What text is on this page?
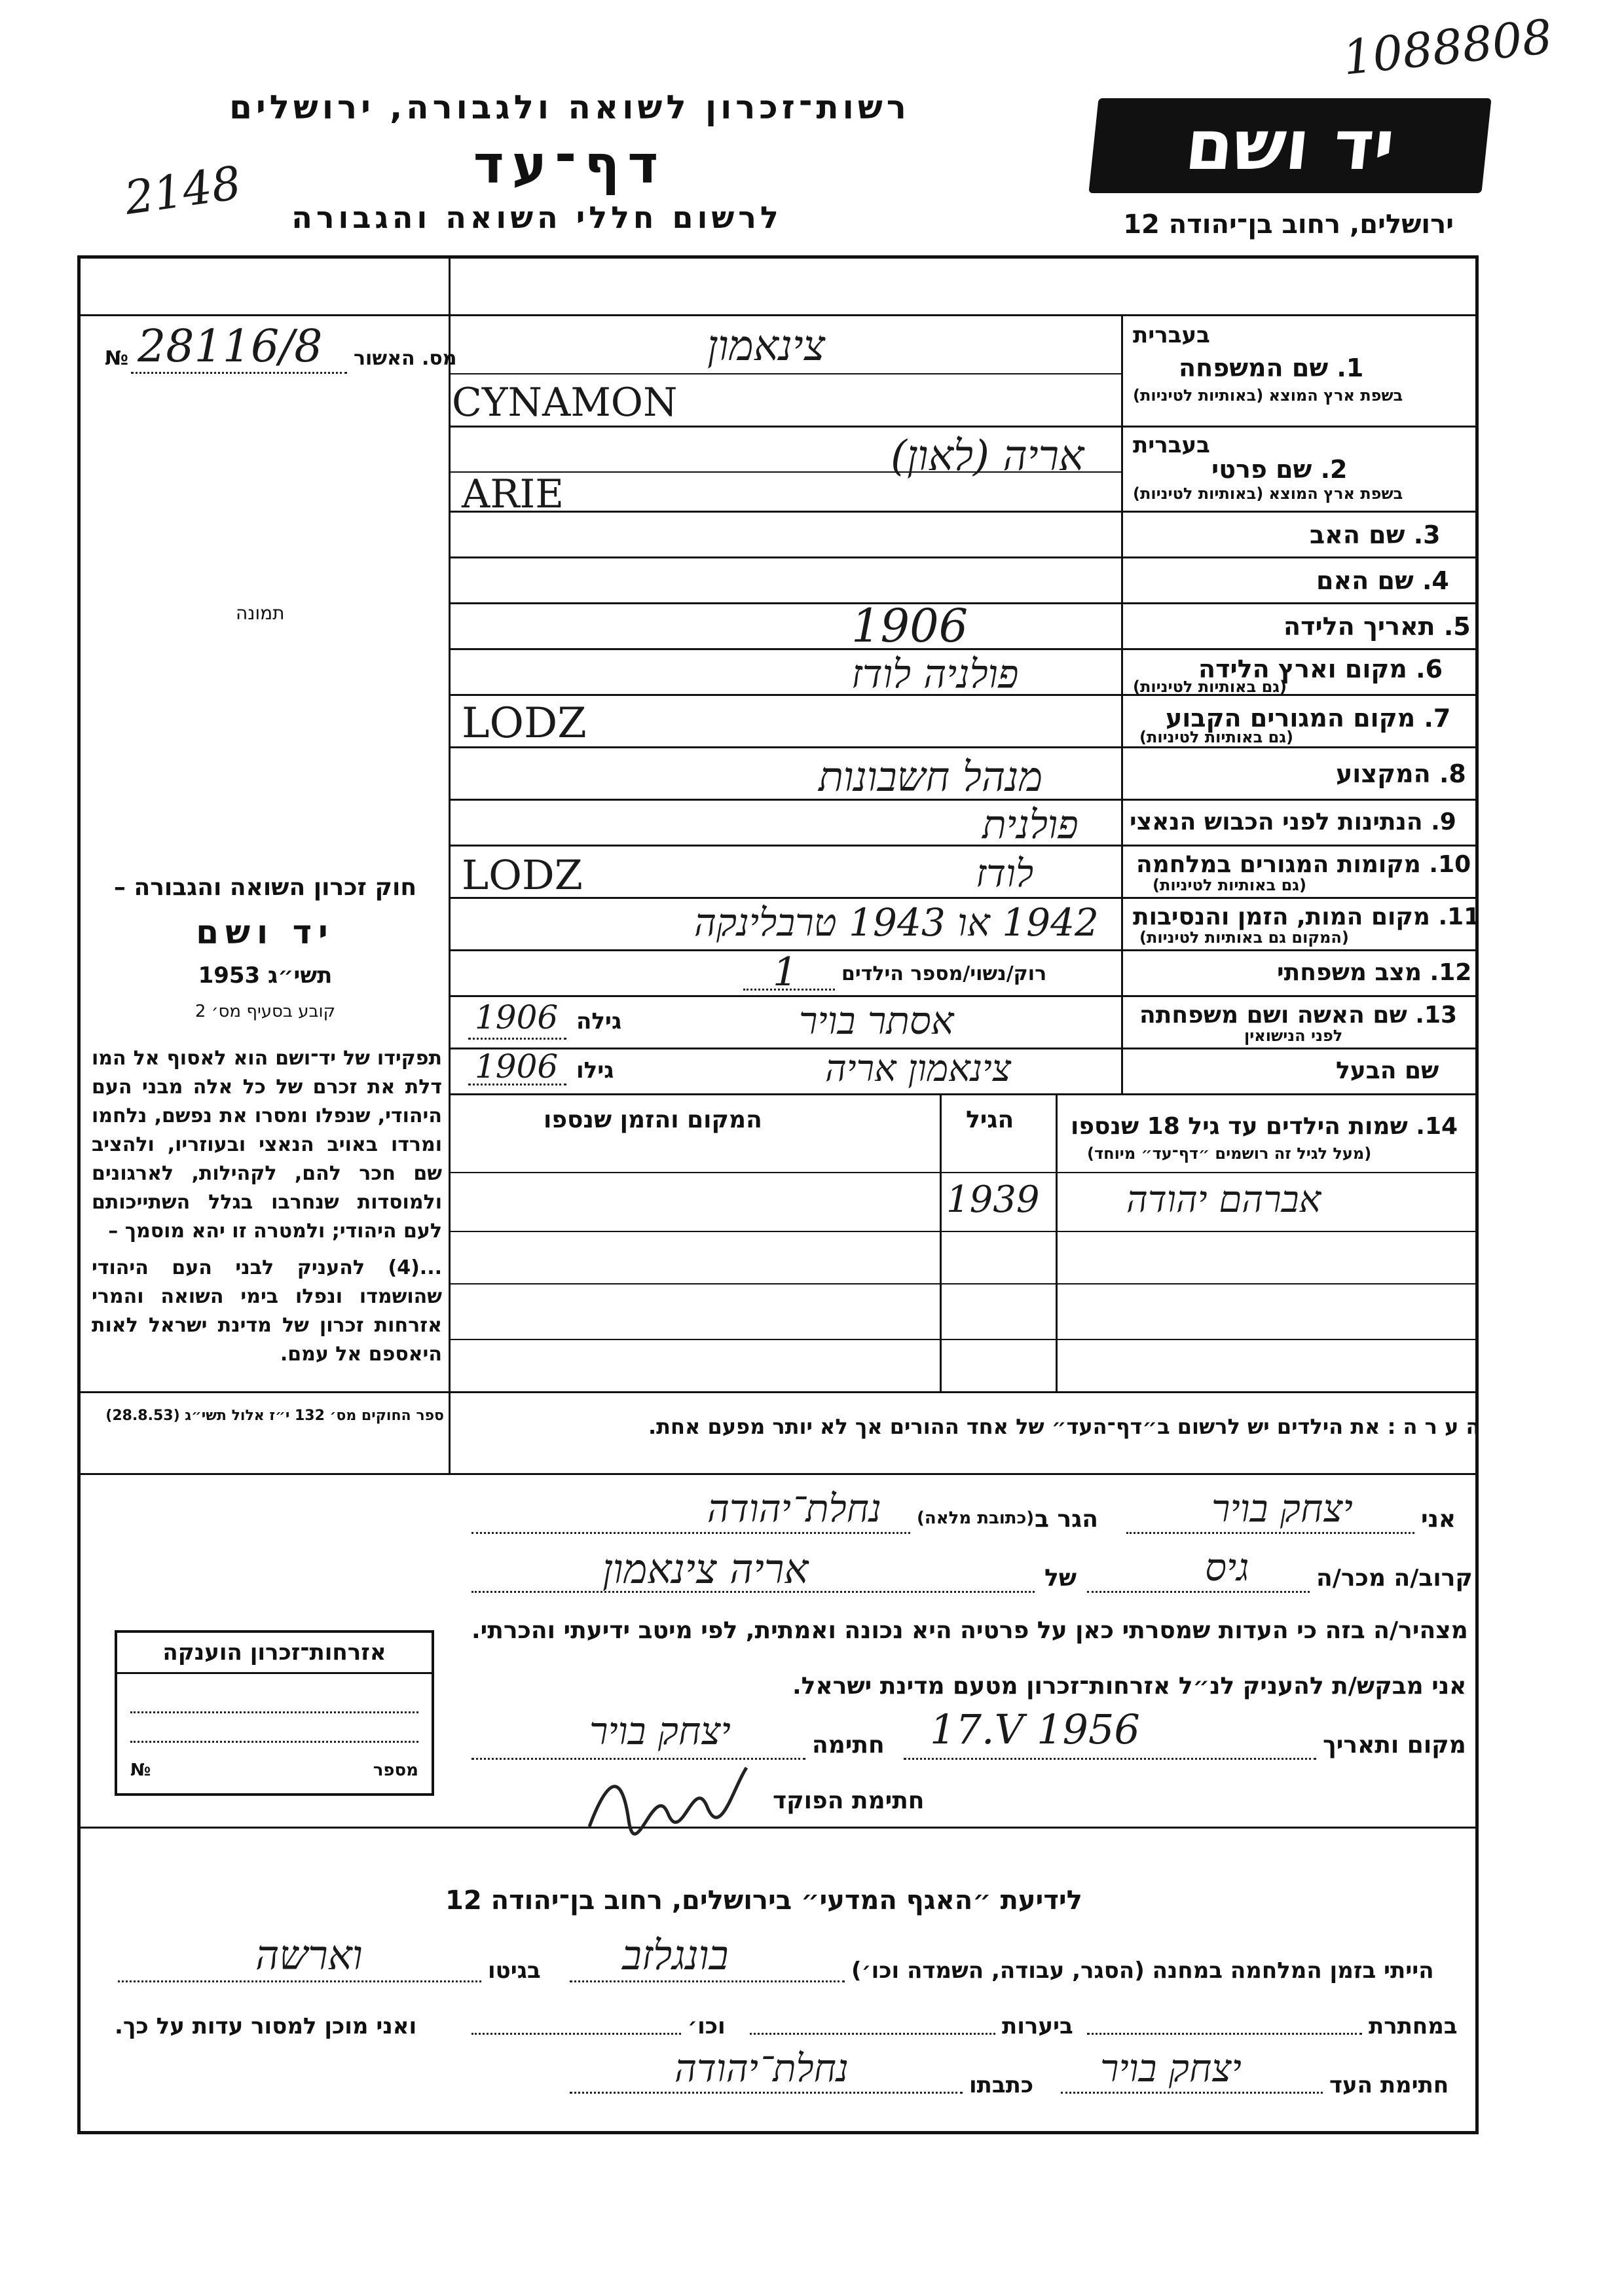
1088808
יד ושם
ירושלים, רחוב בן־יהודה 12
רשות־זכרון לשואה ולגבורה, ירושלים
דף־עד
לרשום חללי השואה והגבורה
2148
מס. האשור
№ 28116/8
תמונה
חוק זכרון השואה והגבורה –
יד ושם
תשי״ג 1953
קובע בסעיף מס׳ 2
תפקידו של יד־ושם הוא לאסוף אל המו דלת את זכרם של כל אלה מבני העם היהודי, שנפלו ומסרו את נפשם, נלחמו ומרדו באויב הנאצי ובעוזריו, ולהציב שם חכר להם, לקהילות, לארגונים ולמוסדות שנחרבו בגלל השתייכותם לעם היהודי; ולמטרה זו יהא מוסמך –
...(4) להעניק לבני העם היהודי שהושמדו ונפלו בימי השואה והמרי אזרחות זכרון של מדינת ישראל לאות היאספם אל עמם.
ספר החוקים מס׳ 132 י״ז אלול תשי״ג (28.8.53)
בעברית
1. שם המשפחה
בשפת ארץ המוצא (באותיות לטיניות)
צינאמון
CYNAMON
בעברית
2. שם פרטי
בשפת ארץ המוצא (באותיות לטיניות)
אריה (לאון)
ARIE
3. שם האב
4. שם האם
5. תאריך הלידה
1906
6. מקום וארץ הלידה
(גם באותיות לטיניות)
פולניה לודז
7. מקום המגורים הקבוע
(גם באותיות לטיניות)
LODZ
8. המקצוע
מנהל חשבונות
9. הנתינות לפני הכבוש הנאצי
פולנית
10. מקומות המגורים במלחמה
(גם באותיות לטיניות)
לודז
LODZ
11. מקום המות, הזמן והנסיבות
(המקום גם באותיות לטיניות)
1942 או 1943 טרבלינקה
12. מצב משפחתי
רוק/נשוי/מספר הילדים
1
13. שם האשה ושם משפחתה
לפני הנישואין
אסתר בויר
גילה
1906
שם הבעל
צינאמון אריה
גילו
1906
14. שמות הילדים עד גיל 18 שנספו
(מעל לגיל זה רושמים ״דף־עד״ מיוחד)
הגיל
המקום והזמן שנספו
אברהם יהודה
1939
ה ע ר ה : את הילדים יש לרשום ב״דף־העד״ של אחד ההורים אך לא יותר מפעם אחת.
אני
יצחק בויר
הגר ב
(כתובת מלאה)
נחלת־יהודה
קרוב/ה מכר/ה
גיס
של
אריה צינאמון
מצהיר/ה בזה כי העדות שמסרתי כאן על פרטיה היא נכונה ואמתית, לפי מיטב ידיעתי והכרתי.
אני מבקש/ת להעניק לנ״ל אזרחות־זכרון מטעם מדינת ישראל.
מקום ותאריך
17.V 1956
חתימה
יצחק בויר
חתימת הפוקד
אזרחות־זכרון הוענקה
מספר
№
לידיעת ״האגף המדעי״ בירושלים, רחוב בן־יהודה 12
הייתי בזמן המלחמה במחנה (הסגר, עבודה, השמדה וכו׳)
בונגלזב
בגיטו
וארשה
במחתרת
ביערות
וכו׳
ואני מוכן למסור עדות על כך.
חתימת העד
יצחק בויר
כתבתו
נחלת־יהודה
